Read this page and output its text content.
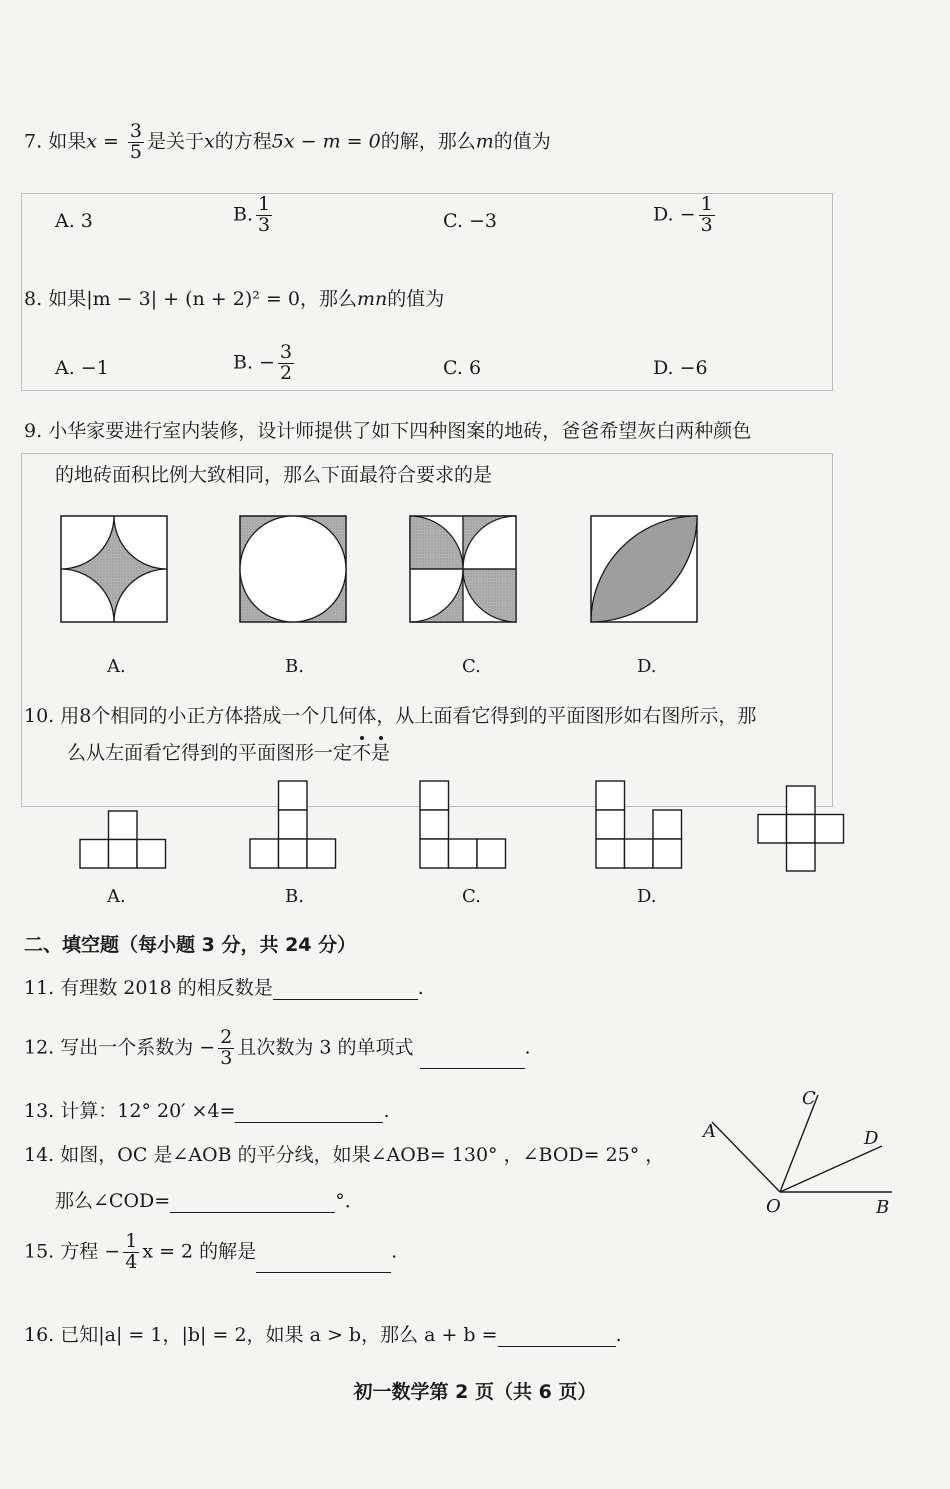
7. 如果$x = \frac{3}{5}$ 是关于x的方程5x − m = 0的解，那么m的值为
A. 3	B. $\frac{1}{3}$	C. −3	D. − $\frac{1}{3}$
8. 如果|m − 3| + (n + 2)² = 0，那么mn的值为
A. −1	B. − $\frac{3}{2}$	C. 6	D. −6
9. 小华家要进行室内装修，设计师提供了如下四种图案的地砖，爸爸希望灰白两种颜色
的地砖面积比例大致相同，那么下面最符合要求的是
A.	B.	C.	D.
10. 用8个相同的小正方体搭成一个几何体，从上面看它得到的平面图形如右图所示，那
么从左面看它得到的平面图形一定不是
A.	B.	C.	D.
二、填空题（每小题 3 分，共 24 分）
11. 有理数 2018 的相反数是	.
12. 写出一个系数为 − $\frac{2}{3}$ 且次数为 3 的单项式	.
13. 计算：12° 20′ ×4=	.
14. 如图，OC 是∠AOB 的平分线，如果∠AOB= 130° ，∠BOD= 25° ，
那么∠COD=	°．
C
A	D
O	B
15. 方程 − $\frac{1}{4}$ x = 2 的解是	.
16. 已知|a| = 1，|b| = 2，如果 a > b，那么 a + b =	.
初一数学第 2 页（共 6 页）
